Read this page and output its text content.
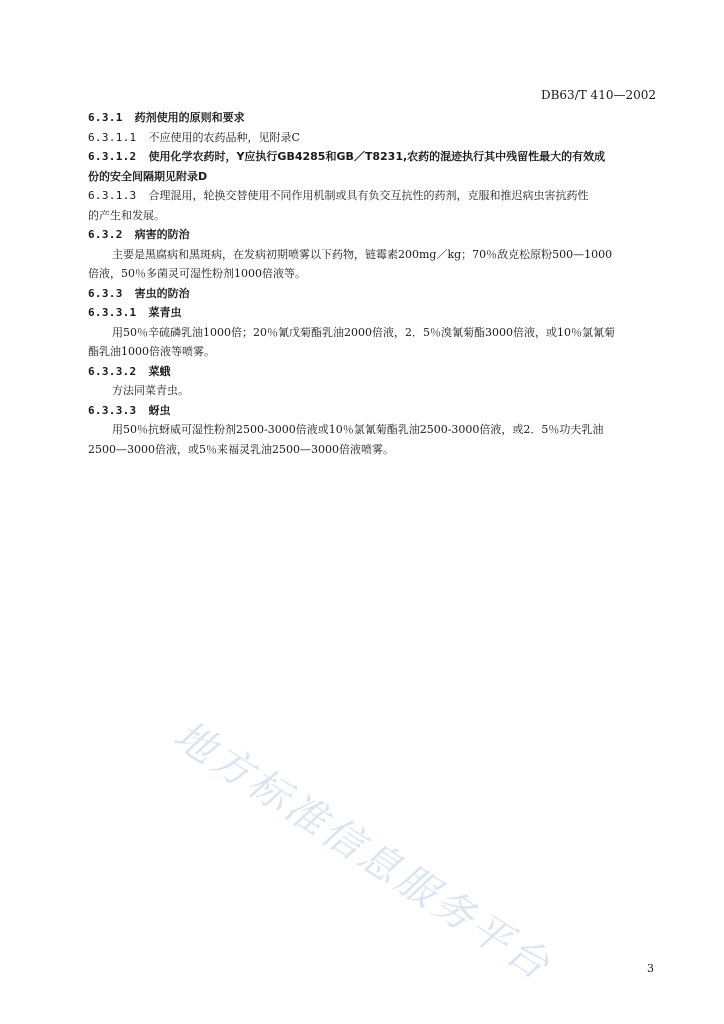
DB63/T 410—2002
6.3.1 药剂使用的原则和要求
6.3.1.1 不应使用的农药品种，见附录C
6.3.1.2 使用化学农药时，Y应执行GB4285和GB／T8231,农药的混迹执行其中残留性最大的有效成
份的安全间隔期见附录D
6.3.1.3 合理混用，轮换交替使用不同作用机制或具有负交互抗性的药剂，克服和推迟病虫害抗药性
的产生和发展。
6.3.2 病害的防治
主要是黑腐病和黑斑病，在发病初期喷雾以下药物，链霉素200mg／kg；70％敌克松原粉500—1000
倍液，50％多菌灵可湿性粉剂1000倍液等。
6.3.3 害虫的防治
6.3.3.1 菜青虫
用50％辛硫磷乳油1000倍；20％氰戊菊酯乳油2000倍液，2．5％溴氰菊酯3000倍液，或10％氯氰菊
酯乳油1000倍液等喷雾。
6.3.3.2 菜蛾
方法同菜青虫。
6.3.3.3 蚜虫
用50％抗蚜威可湿性粉剂2500-3000倍液或10％氯氰菊酯乳油2500-3000倍液，或2．5％功夫乳油
2500—3000倍液，或5％来福灵乳油2500—3000倍液喷雾。
地方标准信息服务平台	3
